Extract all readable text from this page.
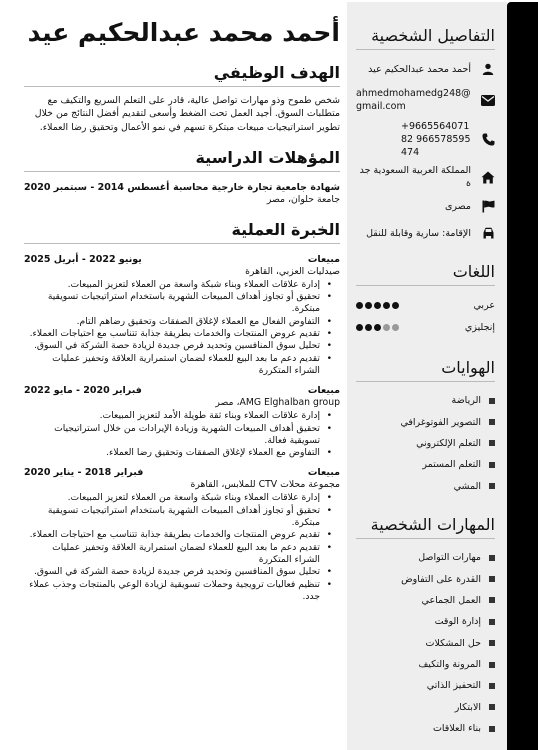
التفاصيل الشخصية
أحمد محمد عبدالحكيم عيد
ahmedmohamedg248@gmail.com
+966556407182 966578595474
المملكة العربية السعودية جدة
مصرى
الإقامة: سارية وقابلة للنقل
اللغات
عربي
إنجليزي
الهوايات
الرياضة
التصوير الفوتوغرافي
التعلم الإلكتروني
التعلم المستمر
المشي
المهارات الشخصية
مهارات التواصل
القدرة على التفاوض
العمل الجماعي
إدارة الوقت
حل المشكلات
المرونة والتكيف
التحفيز الذاتي
الابتكار
بناء العلاقات
أحمد محمد عبدالحكيم عيد
الهدف الوظيفي

شخص طموح وذو مهارات تواصل عالية، قادر على التعلم السريع والتكيف مع متطلبات السوق. أجيد العمل تحت الضغط وأسعى لتقديم أفضل النتائج من خلال تطوير استراتيجيات مبيعات مبتكرة تسهم في نمو الأعمال وتحقيق رضا العملاء.

المؤهلات الدراسية
شهادة جامعية تجارة خارجية محاسبة
أغسطس 2014 - سبتمبر 2020
جامعة حلوان، مصر
الخبرة العملية
مبيعات
يونيو 2022 - أبريل 2025
صيدليات العزبي، القاهرة
• إدارة علاقات العملاء وبناء شبكة واسعة من العملاء لتعزيز المبيعات.
• تحقيق أو تجاوز أهداف المبيعات الشهرية باستخدام استراتيجيات تسويقية مبتكرة.
• التفاوض الفعال مع العملاء لإغلاق الصفقات وتحقيق رضاهم التام.
• تقديم عروض المنتجات والخدمات بطريقة جذابة تتناسب مع احتياجات العملاء.
• تحليل سوق المنافسين وتحديد فرص جديدة لزيادة حصة الشركة في السوق.
• تقديم دعم ما بعد البيع للعملاء لضمان استمرارية العلاقة وتحفيز عمليات الشراء المتكررة
مبيعات
فبراير 2020 - مايو 2022
AMG Elghalban group، مصر
• إدارة علاقات العملاء وبناء ثقة طويلة الأمد لتعزيز المبيعات.
• تحقيق أهداف المبيعات الشهرية وزيادة الإيرادات من خلال استراتيجيات تسويقية فعالة.
• التفاوض مع العملاء لإغلاق الصفقات وتحقيق رضا العملاء.
مبيعات
فبراير 2018 - يناير 2020
مجموعة محلات CTV للملابس، القاهرة
• إدارة علاقات العملاء وبناء شبكة واسعة من العملاء لتعزيز المبيعات.
• تحقيق أو تجاوز أهداف المبيعات الشهرية باستخدام استراتيجيات تسويقية مبتكرة.
• تقديم عروض المنتجات والخدمات بطريقة جذابة تتناسب مع احتياجات العملاء.
• تقديم دعم ما بعد البيع للعملاء لضمان استمرارية العلاقة وتحفيز عمليات الشراء المتكررة
• تحليل سوق المنافسين وتحديد فرص جديدة لزيادة حصة الشركة في السوق.
• تنظيم فعاليات ترويجية وحملات تسويقية لزيادة الوعي بالمنتجات وجذب عملاء جدد.
